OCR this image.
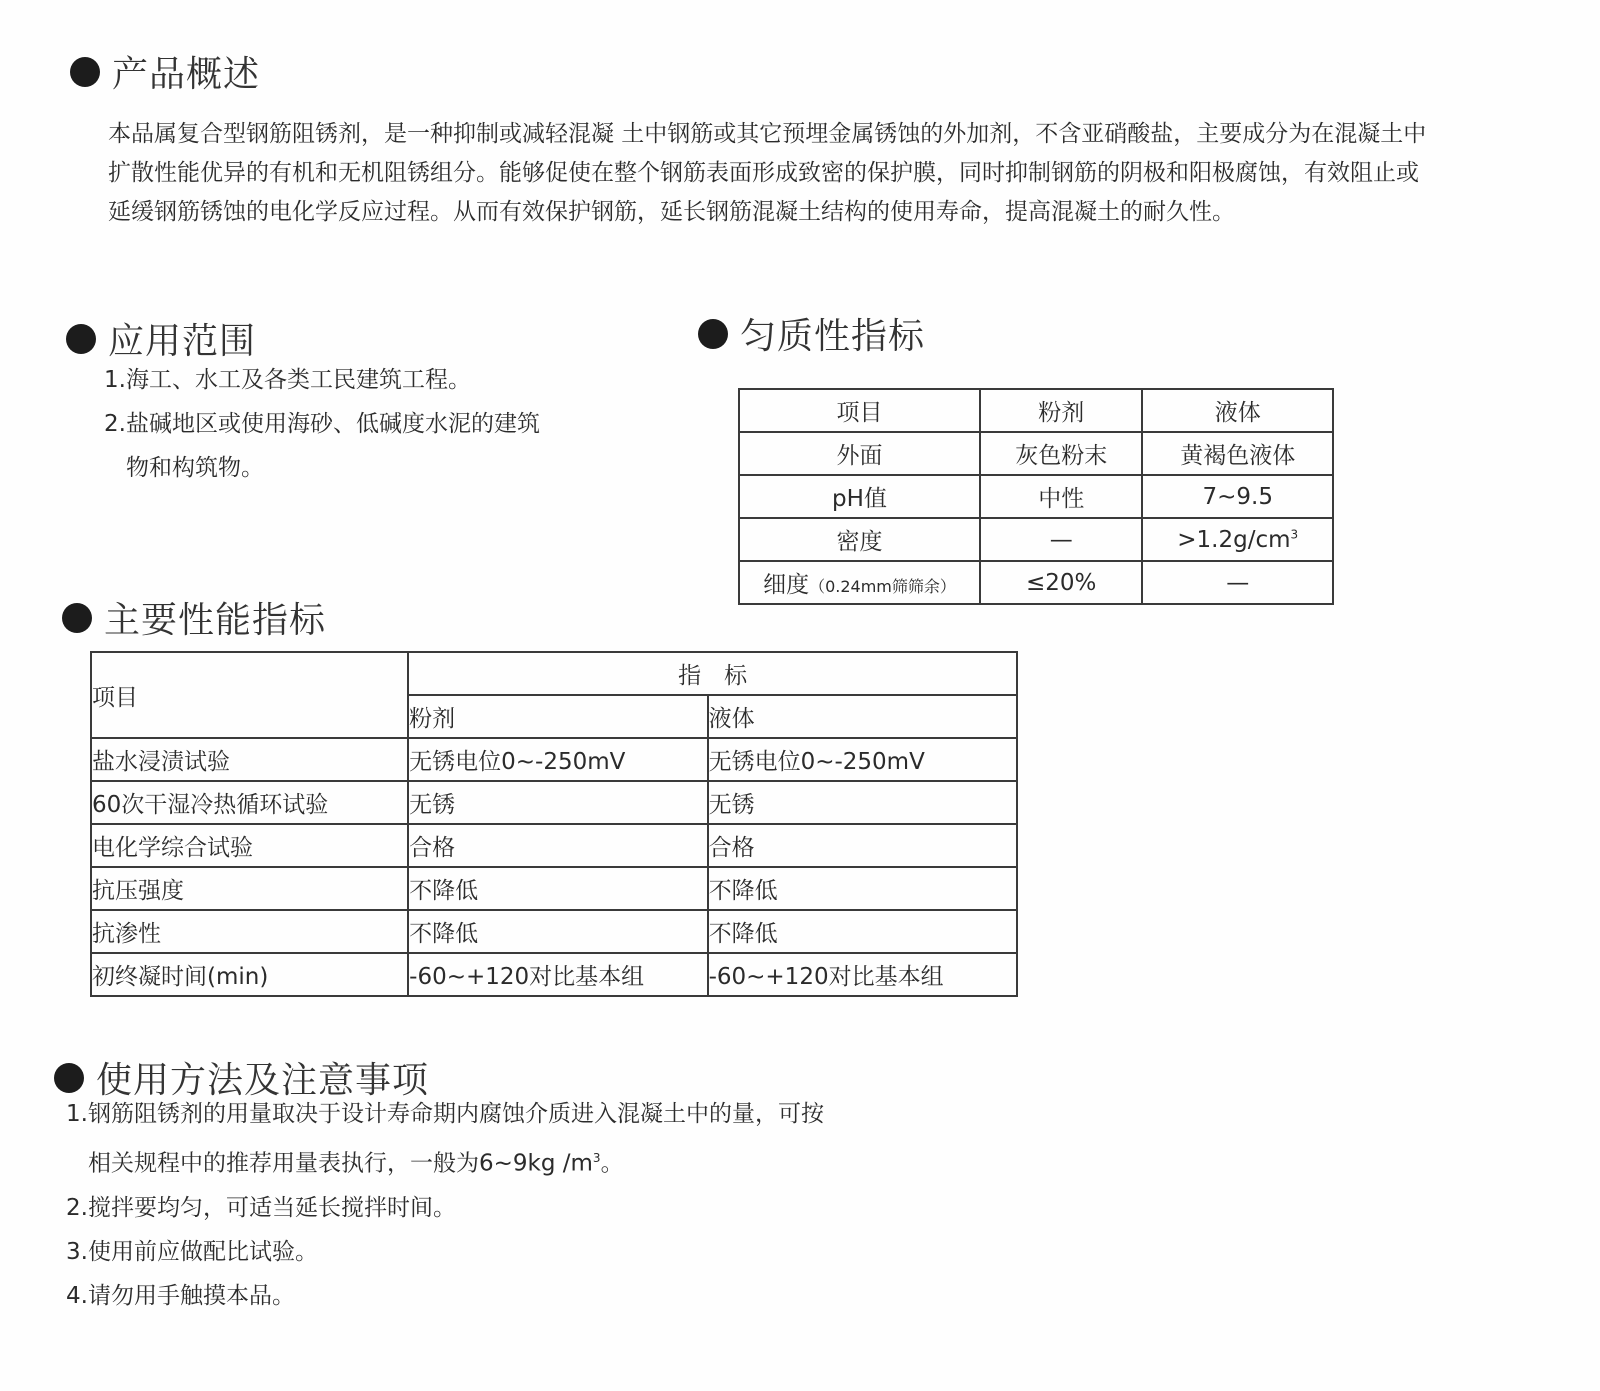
产品概述
本品属复合型钢筋阻锈剂，是一种抑制或减轻混凝 土中钢筋或其它预埋金属锈蚀的外加剂，不含亚硝酸盐，主要成分为在混凝土中扩散性能优异的有机和无机阻锈组分。能够促使在整个钢筋表面形成致密的保护膜，同时抑制钢筋的阴极和阳极腐蚀，有效阻止或延缓钢筋锈蚀的电化学反应过程。从而有效保护钢筋，延长钢筋混凝土结构的使用寿命，提高混凝土的耐久性。
应用范围
1.海工、水工及各类工民建筑工程。
2.盐碱地区或使用海砂、低碱度水泥的建筑
物和构筑物。
匀质性指标
项目	粉剂	液体
外面	灰色粉末	黄褐色液体
pH值	中性	7~9.5
密度	—	$>1.2g/cm^3$
细度（0.24mm筛筛余）	≤20%	—
主要性能指标
项目	指　标	
	粉剂	液体
盐水浸渍试验	无锈电位0~-250mV	无锈电位0~-250mV
60次干湿冷热循环试验	无锈	无锈
电化学综合试验	合格	合格
抗压强度	不降低	不降低
抗渗性	不降低	不降低
初终凝时间(min)	-60~+120对比基本组	-60~+120对比基本组
使用方法及注意事项
1.钢筋阻锈剂的用量取决于设计寿命期内腐蚀介质进入混凝土中的量，可按
相关规程中的推荐用量表执行，一般为6~9kg $/m^3$。
2.搅拌要均匀，可适当延长搅拌时间。
3.使用前应做配比试验。
4.请勿用手触摸本品。
